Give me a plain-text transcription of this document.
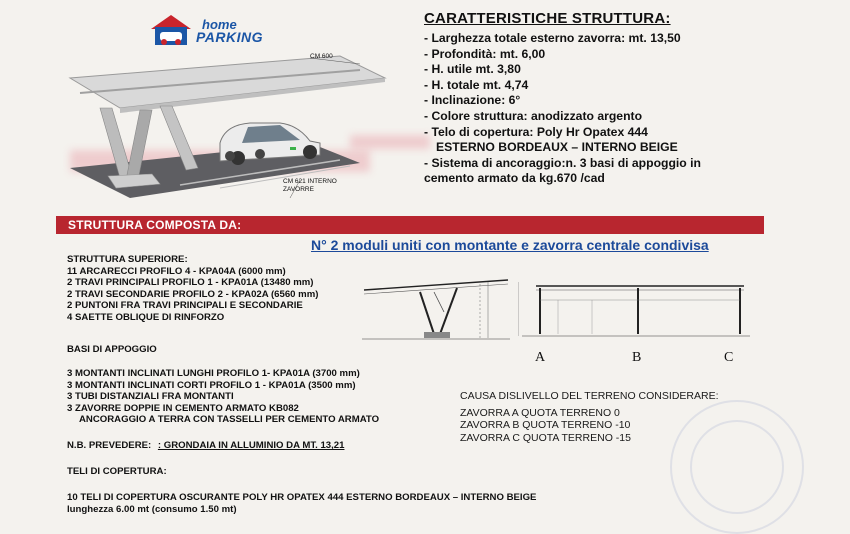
home
PARKING
CM 600
CM 621 INTERNO
ZAVORRE
CARATTERISTICHE STRUTTURA:
- Larghezza totale esterno zavorra: mt. 13,50
- Profondità: mt. 6,00
- H. utile mt. 3,80
- H. totale mt. 4,74
- Inclinazione: 6°
- Colore struttura: anodizzato argento
- Telo di copertura: Poly Hr Opatex 444
ESTERNO BORDEAUX – INTERNO BEIGE
- Sistema di ancoraggio:n. 3 basi di appoggio in
cemento armato da kg.670 /cad
STRUTTURA COMPOSTA DA:
N° 2 moduli uniti con montante e zavorra centrale condivisa
STRUTTURA SUPERIORE:
11 ARCARECCI PROFILO 4 - KPA04A (6000 mm)
2 TRAVI PRINCIPALI PROFILO 1 - KPA01A (13480 mm)
2 TRAVI SECONDARIE PROFILO 2 - KPA02A (6560 mm)
2 PUNTONI FRA TRAVI PRINCIPALI E SECONDARIE
4 SAETTE OBLIQUE DI RINFORZO
BASI DI APPOGGIO
3 MONTANTI INCLINATI LUNGHI PROFILO 1- KPA01A (3700 mm)
3 MONTANTI INCLINATI CORTI PROFILO 1 - KPA01A (3500 mm)
3 TUBI DISTANZIALI FRA MONTANTI
3 ZAVORRE DOPPIE IN CEMENTO ARMATO KB082
ANCORAGGIO A TERRA CON TASSELLI PER CEMENTO ARMATO
N.B. PREVEDERE: : GRONDAIA IN ALLUMINIO DA MT. 13,21
TELI DI COPERTURA:
10 TELI DI COPERTURA OSCURANTE POLY HR OPATEX 444 ESTERNO BORDEAUX – INTERNO BEIGE
lunghezza 6.00 mt (consumo 1.50 mt)
A	B	C
CAUSA DISLIVELLO DEL TERRENO CONSIDERARE:
ZAVORRA A QUOTA TERRENO 0
ZAVORRA B QUOTA TERRENO -10
ZAVORRA C QUOTA TERRENO -15
